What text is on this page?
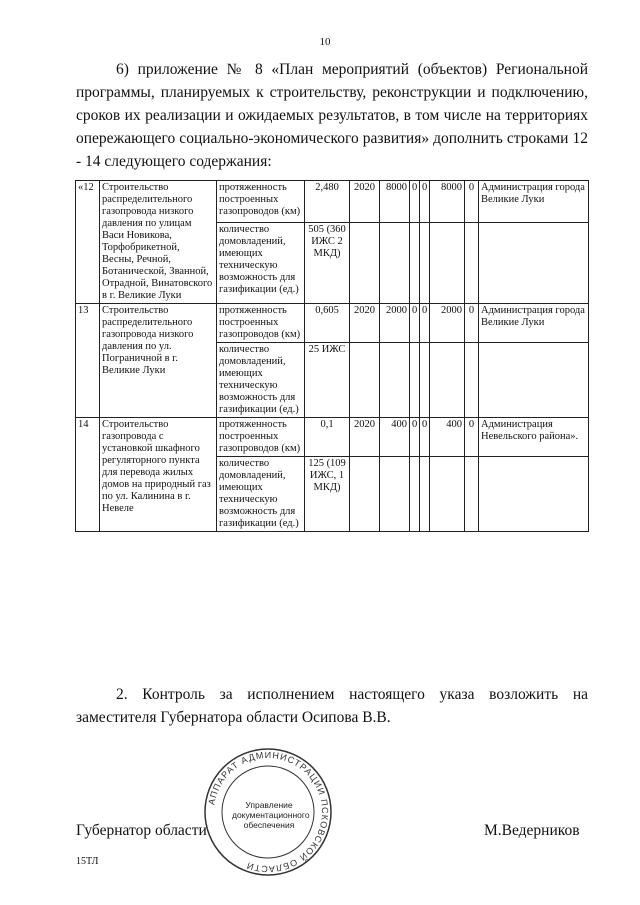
10

6) приложение № 8 «План мероприятий (объектов) Региональной программы, планируемых к строительству, реконструкции и подключению, сроков их реализации и ожидаемых результатов, в том числе на территориях опережающего социально-экономического развития» дополнить строками 12 - 14 следующего содержания:

«12	Строительство распределительного газопровода низкого давления по улицам Васи Новикова, Торфобрикетной, Весны, Речной, Ботанической, Званной, Отрадной, Винатовского в г. Великие Луки	протяженность построенных газопроводов (км)	2,480	2020	8000	0	0	8000	0	Администрация города Великие Луки
		количество домовладений, имеющих техническую возможность для газификации (ед.)	505 (360 ИЖС 2 МКД)							
13	Строительство распределительного газопровода низкого давления по ул. Пограничной в г. Великие Луки	протяженность построенных газопроводов (км)	0,605	2020	2000	0	0	2000	0	Администрация города Великие Луки
		количество домовладений, имеющих техническую возможность для газификации (ед.)	25 ИЖС							
14	Строительство газопровода с установкой шкафного регуляторного пункта для перевода жилых домов на природный газ по ул. Калинина в г. Невеле	протяженность построенных газопроводов (км)	0,1	2020	400	0	0	400	0	Администрация Невельского района».
		количество домовладений, имеющих техническую возможность для газификации (ед.)	125 (109 ИЖС, 1 МКД)							

2. Контроль за исполнением настоящего указа возложить на заместителя Губернатора области Осипова В.В.

Губернатор области	М.Ведерников
15ТЛ
АППАРАТ АДМИНИСТРАЦИИ ПСКОВСКОЙ ОБЛАСТИ
Управление документационного обеспечения
